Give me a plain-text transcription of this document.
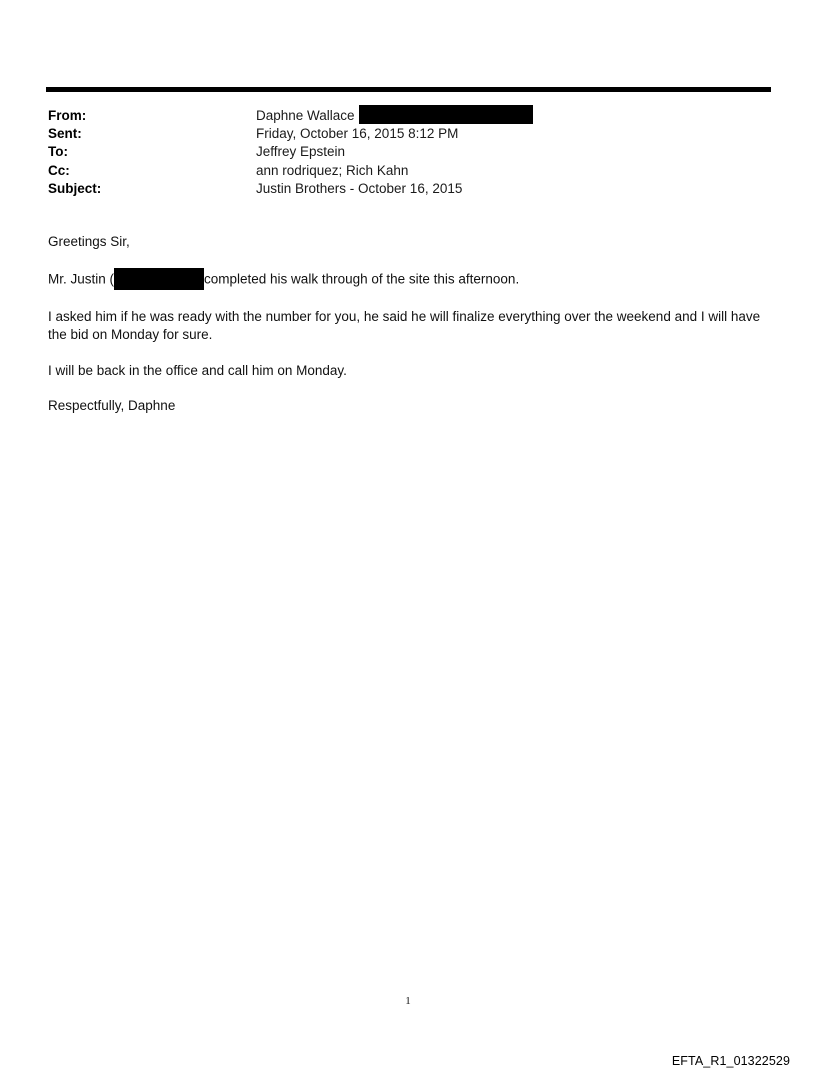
From:	Daphne Wallace
Sent:	Friday, October 16, 2015 8:12 PM
To:	Jeffrey Epstein
Cc:	ann rodriquez; Rich Kahn
Subject:	Justin Brothers - October 16, 2015

Greetings Sir,

Mr. Justin (	completed his walk through of the site this afternoon.

I asked him if he was ready with the number for you, he said he will finalize everything over the weekend and I will have the bid on Monday for sure.

I will be back in the office and call him on Monday.

Respectfully, Daphne

1
EFTA_R1_01322529
